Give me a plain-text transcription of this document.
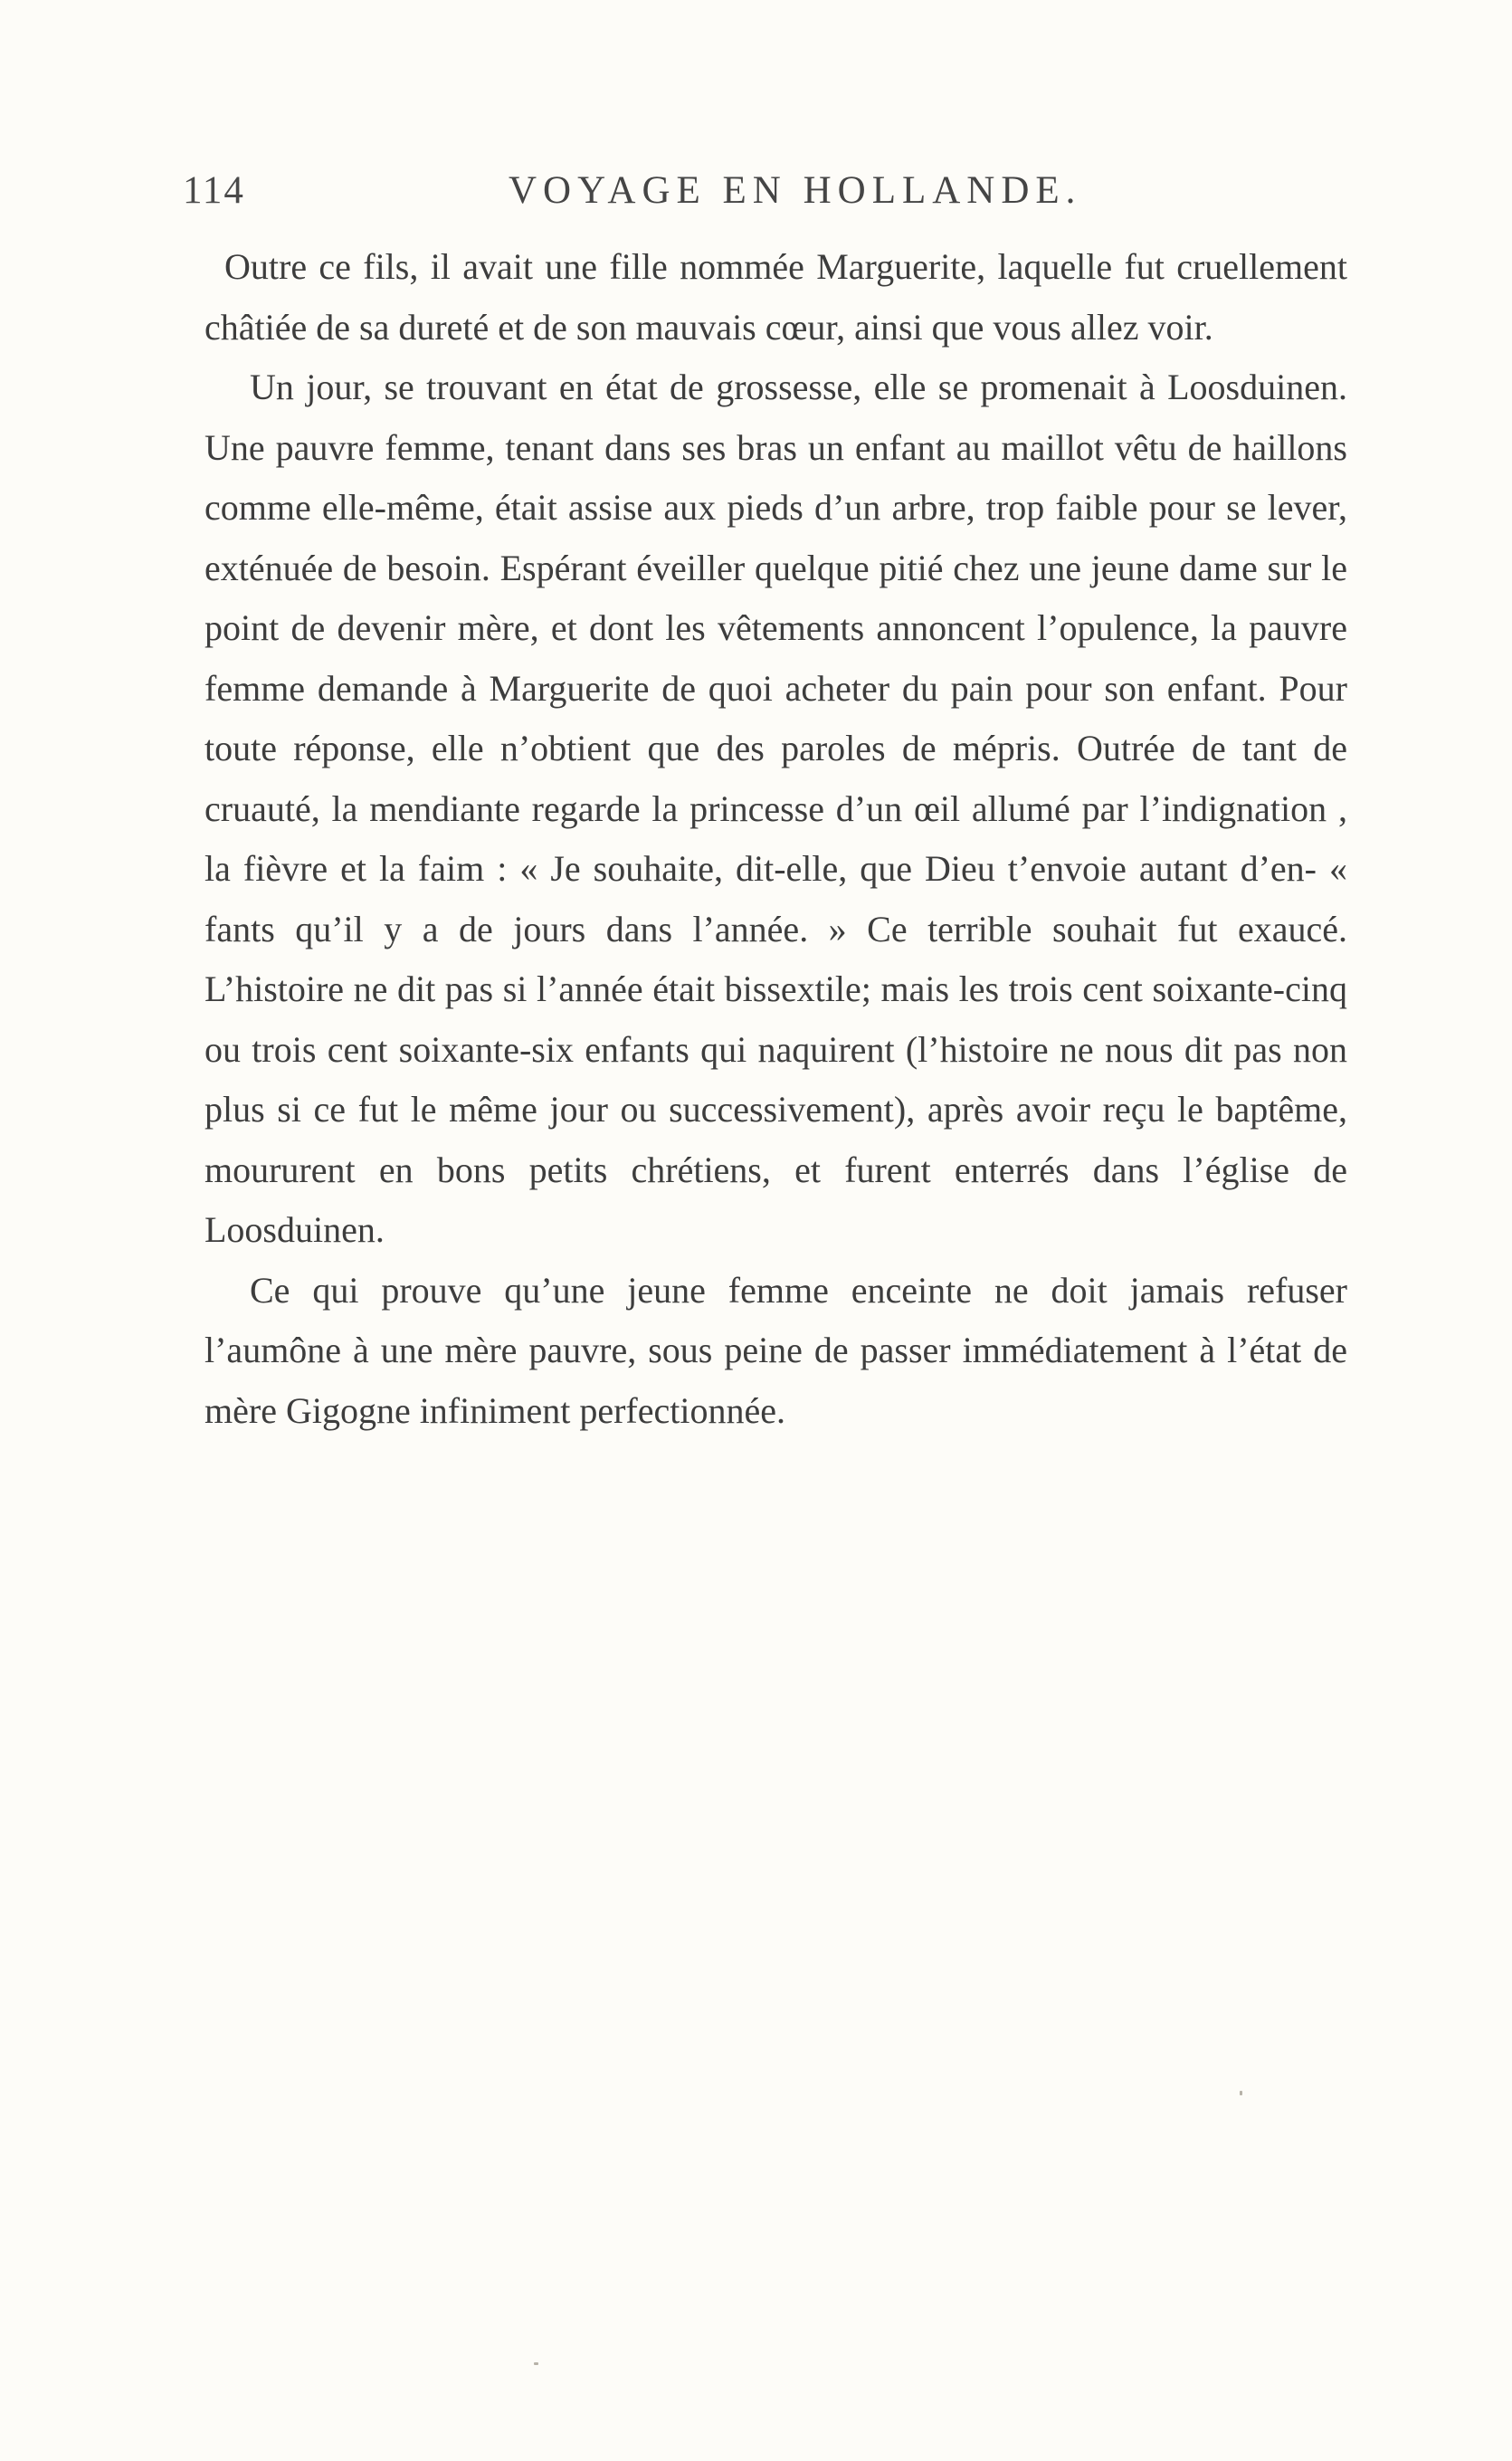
114	VOYAGE EN HOLLANDE.

Outre ce fils, il avait une fille nommée Marguerite, laquelle fut cruellement châtiée de sa dureté et de son mauvais cœur, ainsi que vous allez voir.

Un jour, se trouvant en état de grossesse, elle se promenait à Loosduinen. Une pauvre femme, tenant dans ses bras un enfant au maillot vêtu de haillons comme elle-même, était assise aux pieds d’un arbre, trop faible pour se lever, exténuée de besoin. Espérant éveiller quelque pitié chez une jeune dame sur le point de devenir mère, et dont les vêtements annoncent l’opulence, la pauvre femme demande à Marguerite de quoi acheter du pain pour son enfant. Pour toute réponse, elle n’obtient que des paroles de mépris. Outrée de tant de cruauté, la mendiante regarde la princesse d’un œil allumé par l’indignation , la fièvre et la faim : « Je souhaite, dit-elle, que Dieu t’envoie autant d’en- « fants qu’il y a de jours dans l’année. » Ce terrible souhait fut exaucé. L’histoire ne dit pas si l’année était bissextile; mais les trois cent soixante-cinq ou trois cent soixante-six enfants qui naquirent (l’histoire ne nous dit pas non plus si ce fut le même jour ou successivement), après avoir reçu le baptême, moururent en bons petits chrétiens, et furent enterrés dans l’église de Loosduinen.

Ce qui prouve qu’une jeune femme enceinte ne doit jamais refuser l’aumône à une mère pauvre, sous peine de passer immédiatement à l’état de mère Gigogne infiniment perfectionnée.
